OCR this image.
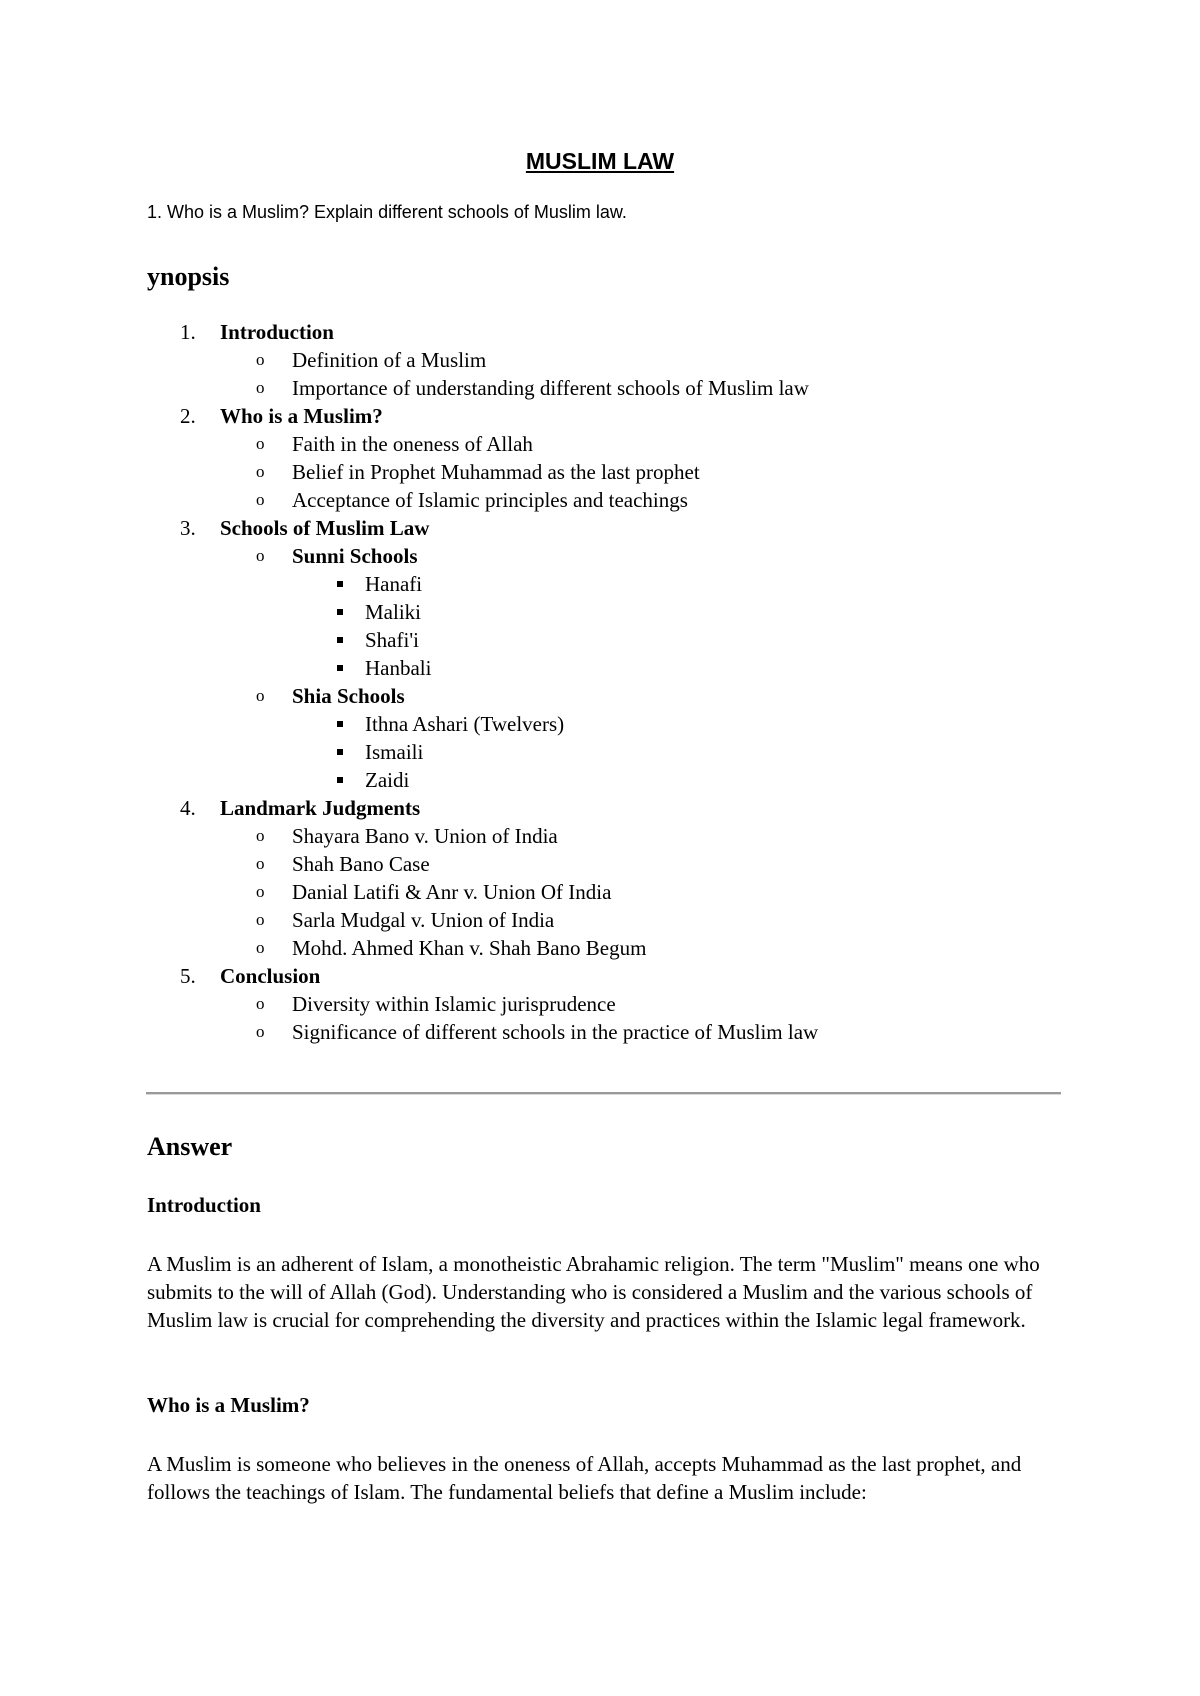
MUSLIM LAW
1. Who is a Muslim? Explain different schools of Muslim law.
ynopsis
1.	Introduction
o Definition of a Muslim
o Importance of understanding different schools of Muslim law
2.	Who is a Muslim?
o Faith in the oneness of Allah
o Belief in Prophet Muhammad as the last prophet
o Acceptance of Islamic principles and teachings
3.	Schools of Muslim Law
o Sunni Schools
Hanafi
Maliki
Shafi'i
Hanbali
o Shia Schools
Ithna Ashari (Twelvers)
Ismaili
Zaidi
4.	Landmark Judgments
o Shayara Bano v. Union of India
o Shah Bano Case
o Danial Latifi & Anr v. Union Of India
o Sarla Mudgal v. Union of India
o Mohd. Ahmed Khan v. Shah Bano Begum
5.	Conclusion
o Diversity within Islamic jurisprudence
o Significance of different schools in the practice of Muslim law
Answer
Introduction

A Muslim is an adherent of Islam, a monotheistic Abrahamic religion. The term "Muslim" means one who submits to the will of Allah (God). Understanding who is considered a Muslim and the various schools of Muslim law is crucial for comprehending the diversity and practices within the Islamic legal framework.

Who is a Muslim?

A Muslim is someone who believes in the oneness of Allah, accepts Muhammad as the last prophet, and follows the teachings of Islam. The fundamental beliefs that define a Muslim include:
